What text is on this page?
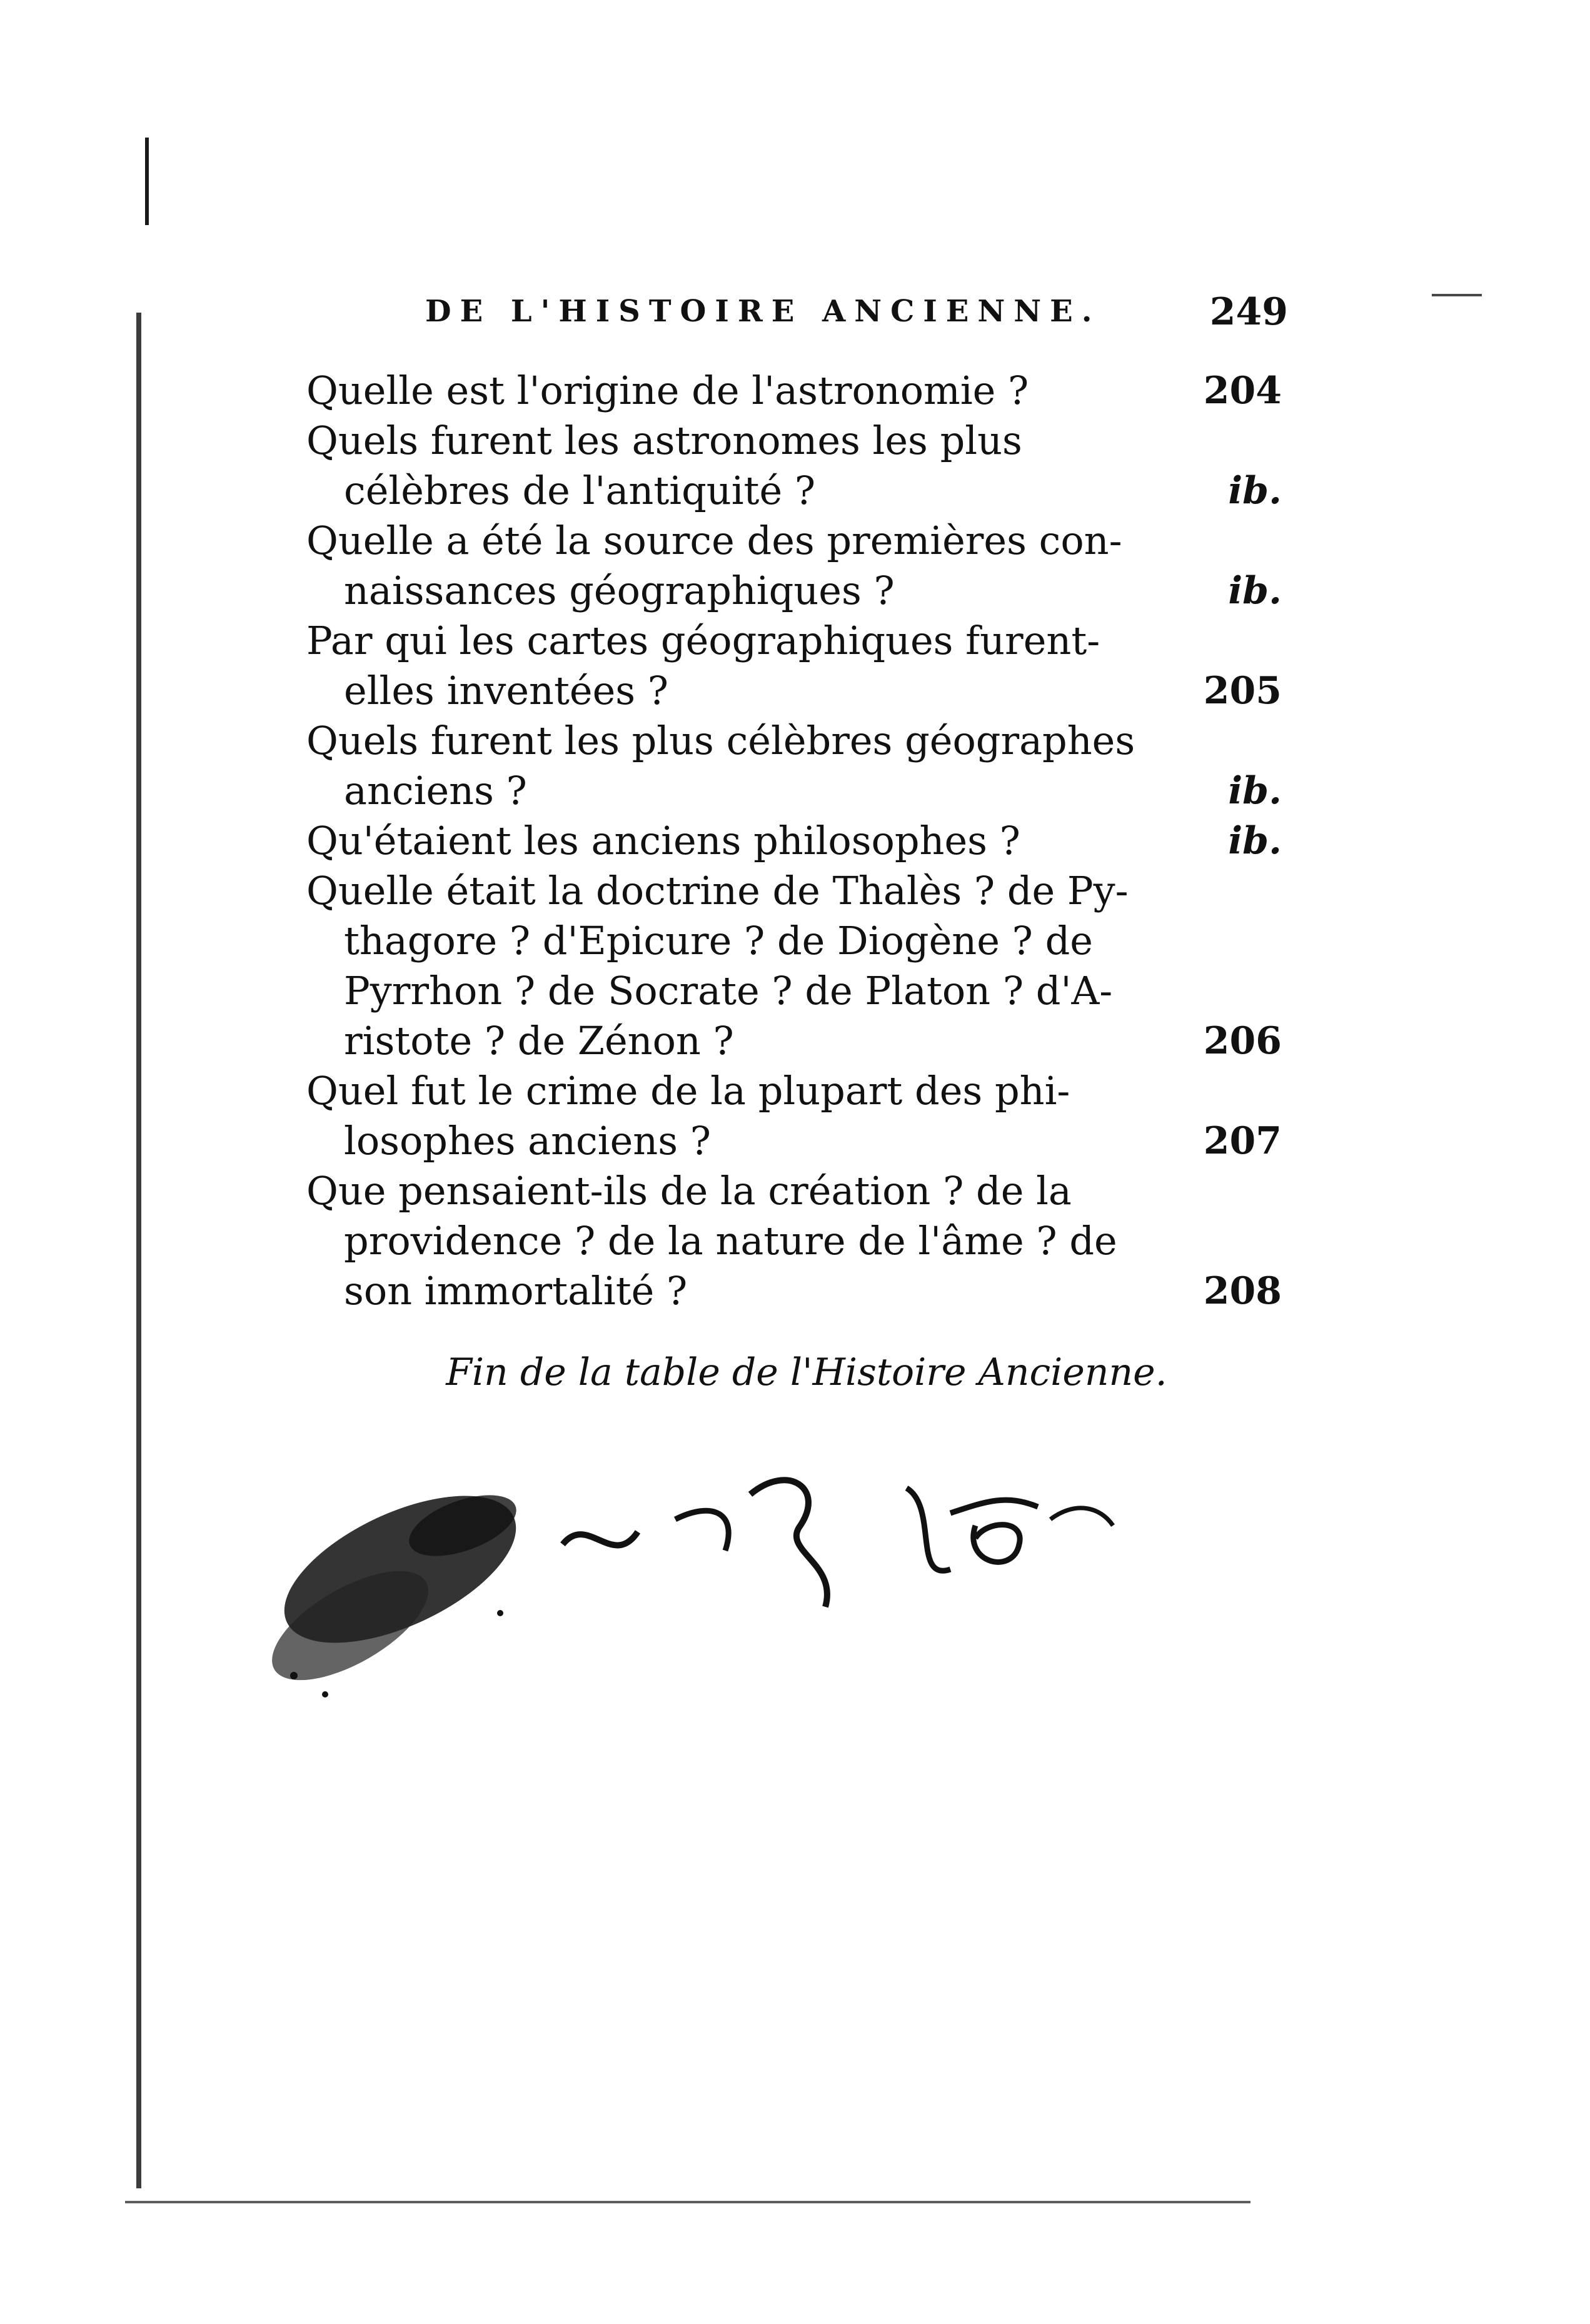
DE L'HISTOIRE ANCIENNE.	249
Quelle est l'origine de l'astronomie ?	204
Quels furent les astronomes les plus
célèbres de l'antiquité ?	ib.
Quelle a été la source des premières con-
naissances géographiques ?	ib.
Par qui les cartes géographiques furent-
elles inventées ?	205
Quels furent les plus célèbres géographes
anciens ?	ib.
Qu'étaient les anciens philosophes ?	ib.
Quelle était la doctrine de Thalès ? de Py-
thagore ? d'Epicure ? de Diogène ? de
Pyrrhon ? de Socrate ? de Platon ? d'A-
ristote ? de Zénon ?	206
Quel fut le crime de la plupart des phi-
losophes anciens ?	207
Que pensaient-ils de la création ? de la
providence ? de la nature de l'âme ? de
son immortalité ?	208
Fin de la table de l'Histoire Ancienne.
